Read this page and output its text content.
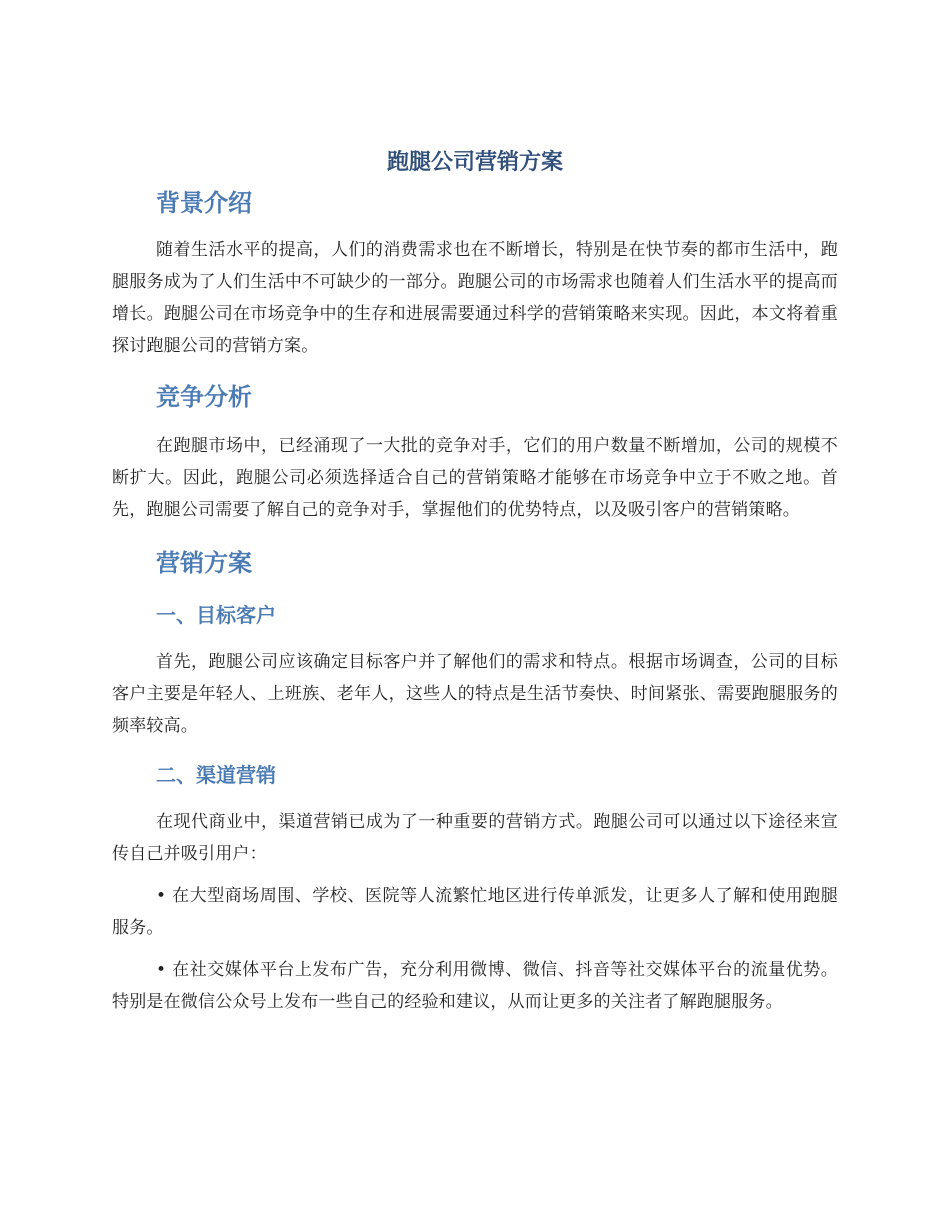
跑腿公司营销方案
背景介绍

随着生活水平的提高，人们的消费需求也在不断增长，特别是在快节奏的都市生活中，跑腿服务成为了人们生活中不可缺少的一部分。跑腿公司的市场需求也随着人们生活水平的提高而增长。跑腿公司在市场竞争中的生存和进展需要通过科学的营销策略来实现。因此，本文将着重探讨跑腿公司的营销方案。

竞争分析

在跑腿市场中，已经涌现了一大批的竞争对手，它们的用户数量不断增加，公司的规模不断扩大。因此，跑腿公司必须选择适合自己的营销策略才能够在市场竞争中立于不败之地。首先，跑腿公司需要了解自己的竞争对手，掌握他们的优势特点，以及吸引客户的营销策略。

营销方案
一、目标客户

首先，跑腿公司应该确定目标客户并了解他们的需求和特点。根据市场调查，公司的目标客户主要是年轻人、上班族、老年人，这些人的特点是生活节奏快、时间紧张、需要跑腿服务的频率较高。

二、渠道营销

在现代商业中，渠道营销已成为了一种重要的营销方式。跑腿公司可以通过以下途径来宣传自己并吸引用户：

• 在大型商场周围、学校、医院等人流繁忙地区进行传单派发，让更多人了解和使用跑腿服务。

• 在社交媒体平台上发布广告，充分利用微博、微信、抖音等社交媒体平台的流量优势。特别是在微信公众号上发布一些自己的经验和建议，从而让更多的关注者了解跑腿服务。
